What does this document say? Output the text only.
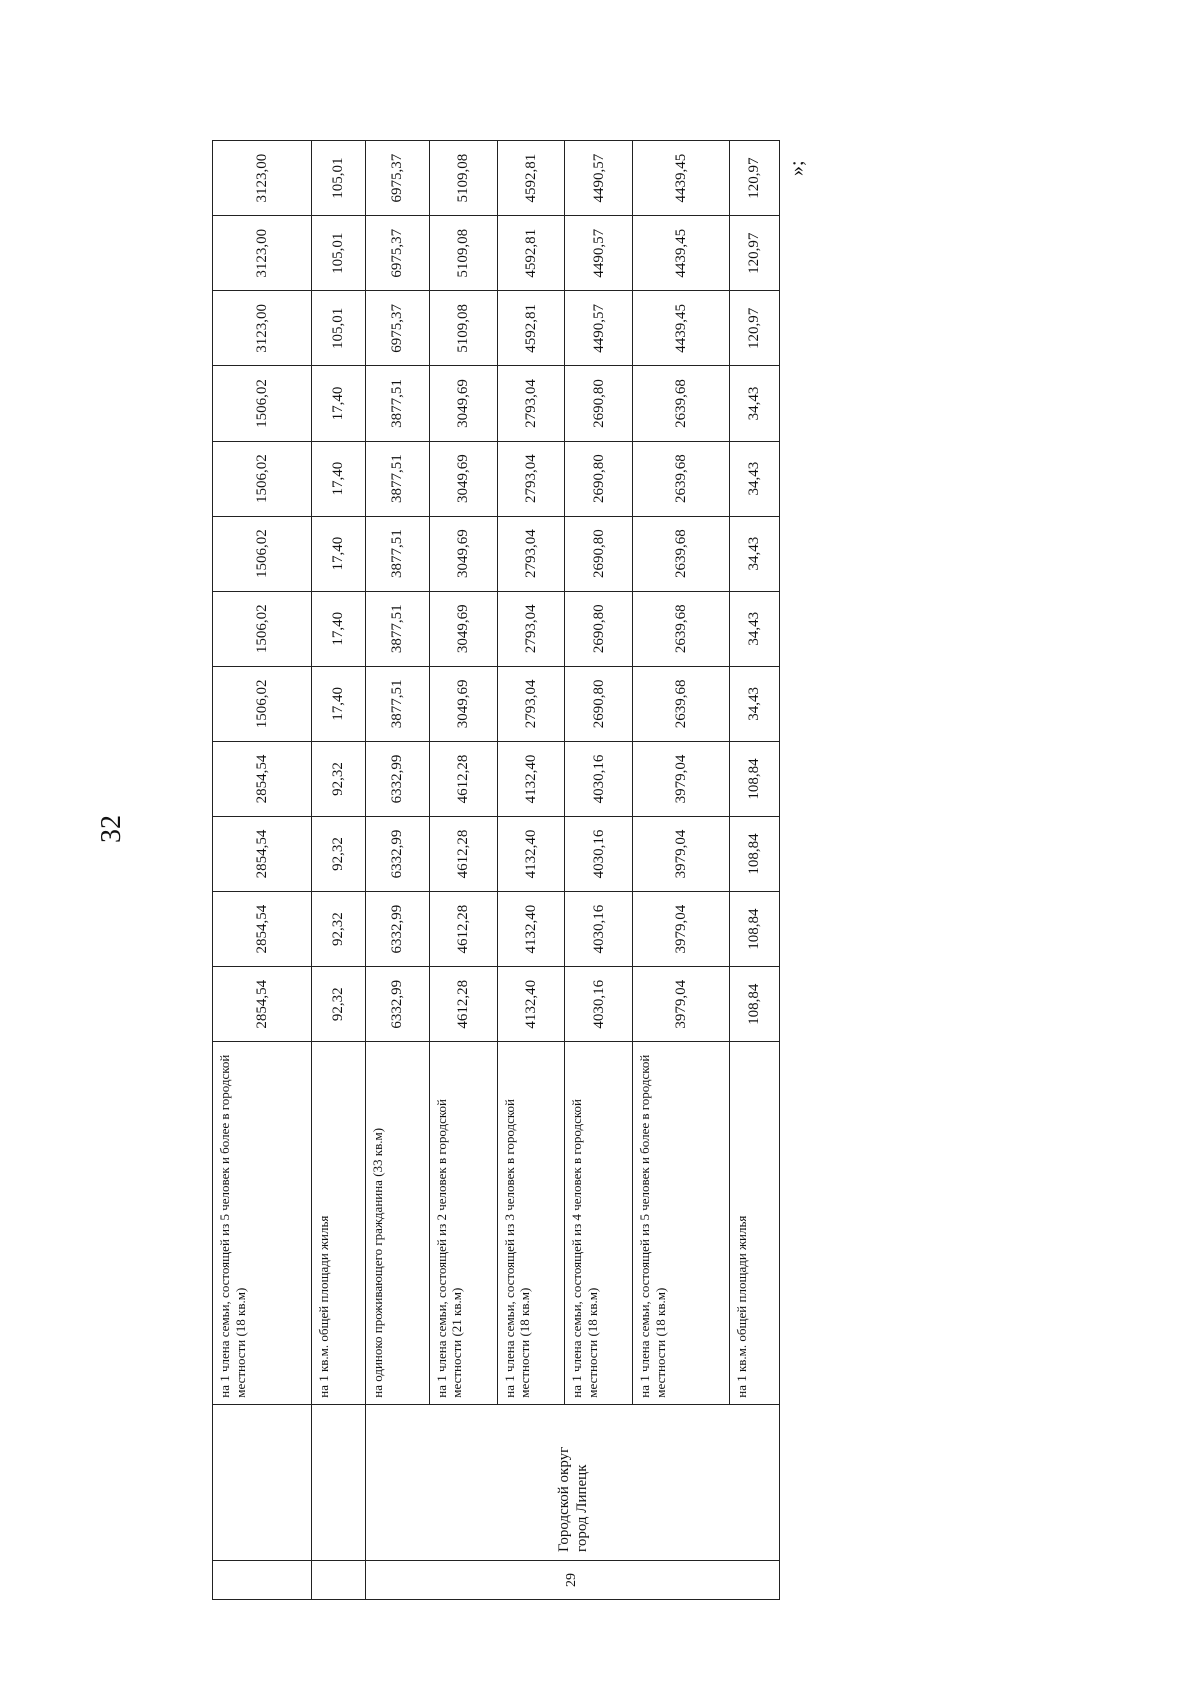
32
»;
		на 1 члена семьи, состоящей из 5 человек и более в городской местности (18 кв.м)	2854,54	2854,54	2854,54	2854,54	1506,02	1506,02	1506,02	1506,02	1506,02	3123,00	3123,00	3123,00
		на 1 кв.м. общей площади жилья	92,32	92,32	92,32	92,32	17,40	17,40	17,40	17,40	17,40	105,01	105,01	105,01
29	Городской округ город Липецк	на одиноко проживающего гражданина (33 кв.м)	6332,99	6332,99	6332,99	6332,99	3877,51	3877,51	3877,51	3877,51	3877,51	6975,37	6975,37	6975,37
		на 1 члена семьи, состоящей из 2 человек в городской местности (21 кв.м)	4612,28	4612,28	4612,28	4612,28	3049,69	3049,69	3049,69	3049,69	3049,69	5109,08	5109,08	5109,08
		на 1 члена семьи, состоящей из 3 человек в городской местности (18 кв.м)	4132,40	4132,40	4132,40	4132,40	2793,04	2793,04	2793,04	2793,04	2793,04	4592,81	4592,81	4592,81
		на 1 члена семьи, состоящей из 4 человек в городской местности (18 кв.м)	4030,16	4030,16	4030,16	4030,16	2690,80	2690,80	2690,80	2690,80	2690,80	4490,57	4490,57	4490,57
		на 1 члена семьи, состоящей из 5 человек и более в городской местности (18 кв.м)	3979,04	3979,04	3979,04	3979,04	2639,68	2639,68	2639,68	2639,68	2639,68	4439,45	4439,45	4439,45
		на 1 кв.м. общей площади жилья	108,84	108,84	108,84	108,84	34,43	34,43	34,43	34,43	34,43	120,97	120,97	120,97
